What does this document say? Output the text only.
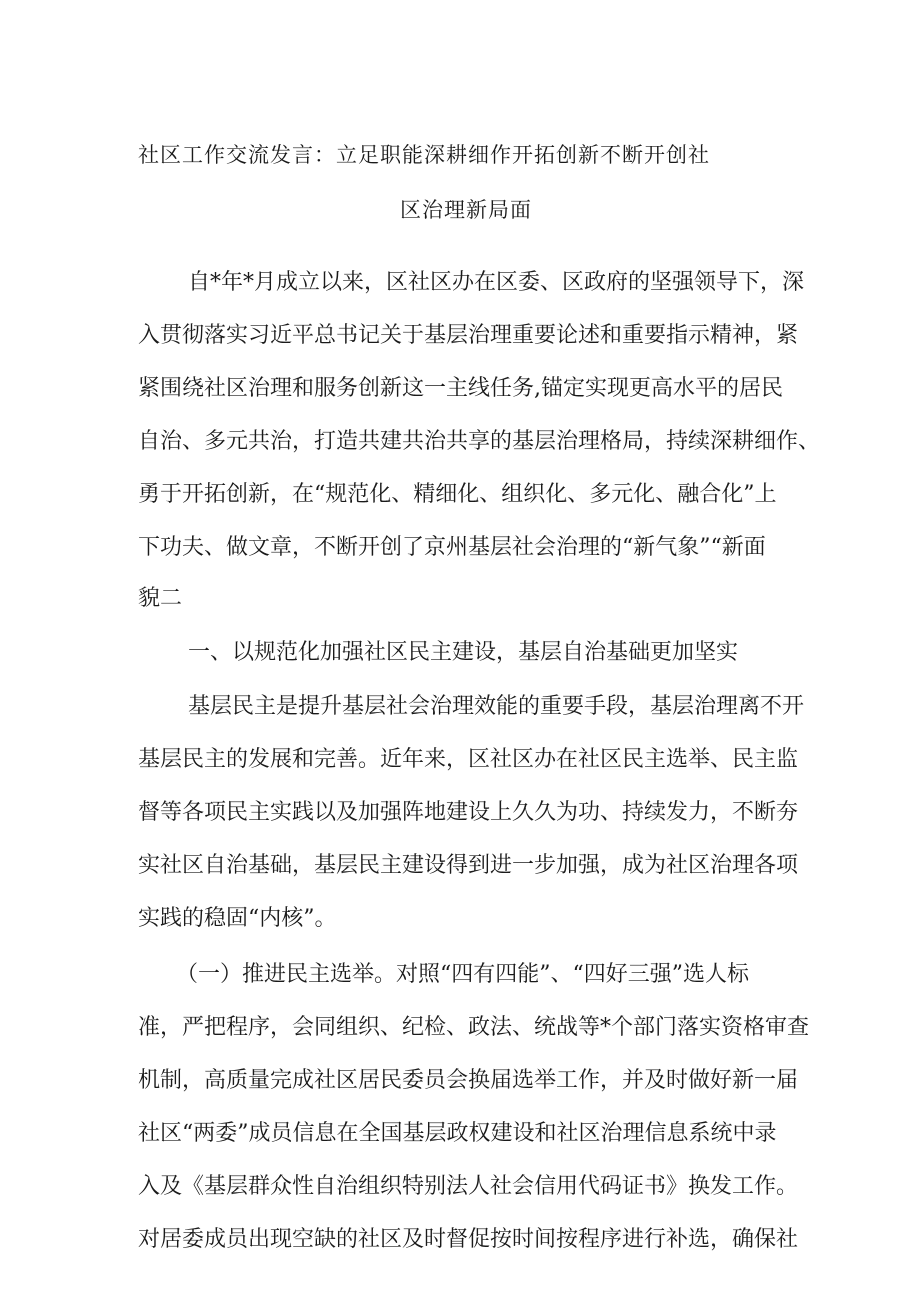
社区工作交流发言：立足职能深耕细作开拓创新不断开创社
区治理新局面
自*年*月成立以来，区社区办在区委、区政府的坚强领导下，深
入贯彻落实习近平总书记关于基层治理重要论述和重要指示精神，紧
紧围绕社区治理和服务创新这一主线任务,锚定实现更高水平的居民
自治、多元共治，打造共建共治共享的基层治理格局，持续深耕细作、
勇于开拓创新，在“规范化、精细化、组织化、多元化、融合化”上
下功夫、做文章，不断开创了京州基层社会治理的“新气象”“新面
貌二
一、以规范化加强社区民主建设，基层自治基础更加坚实
基层民主是提升基层社会治理效能的重要手段，基层治理离不开
基层民主的发展和完善。近年来，区社区办在社区民主选举、民主监
督等各项民主实践以及加强阵地建设上久久为功、持续发力，不断夯
实社区自治基础，基层民主建设得到进一步加强，成为社区治理各项
实践的稳固“内核”。
（一）推进民主选举。对照“四有四能”、“四好三强”选人标
准，严把程序，会同组织、纪检、政法、统战等*个部门落实资格审查
机制，高质量完成社区居民委员会换届选举工作，并及时做好新一届
社区“两委”成员信息在全国基层政权建设和社区治理信息系统中录
入及《基层群众性自治组织特别法人社会信用代码证书》换发工作。
对居委成员出现空缺的社区及时督促按时间按程序进行补选，确保社
